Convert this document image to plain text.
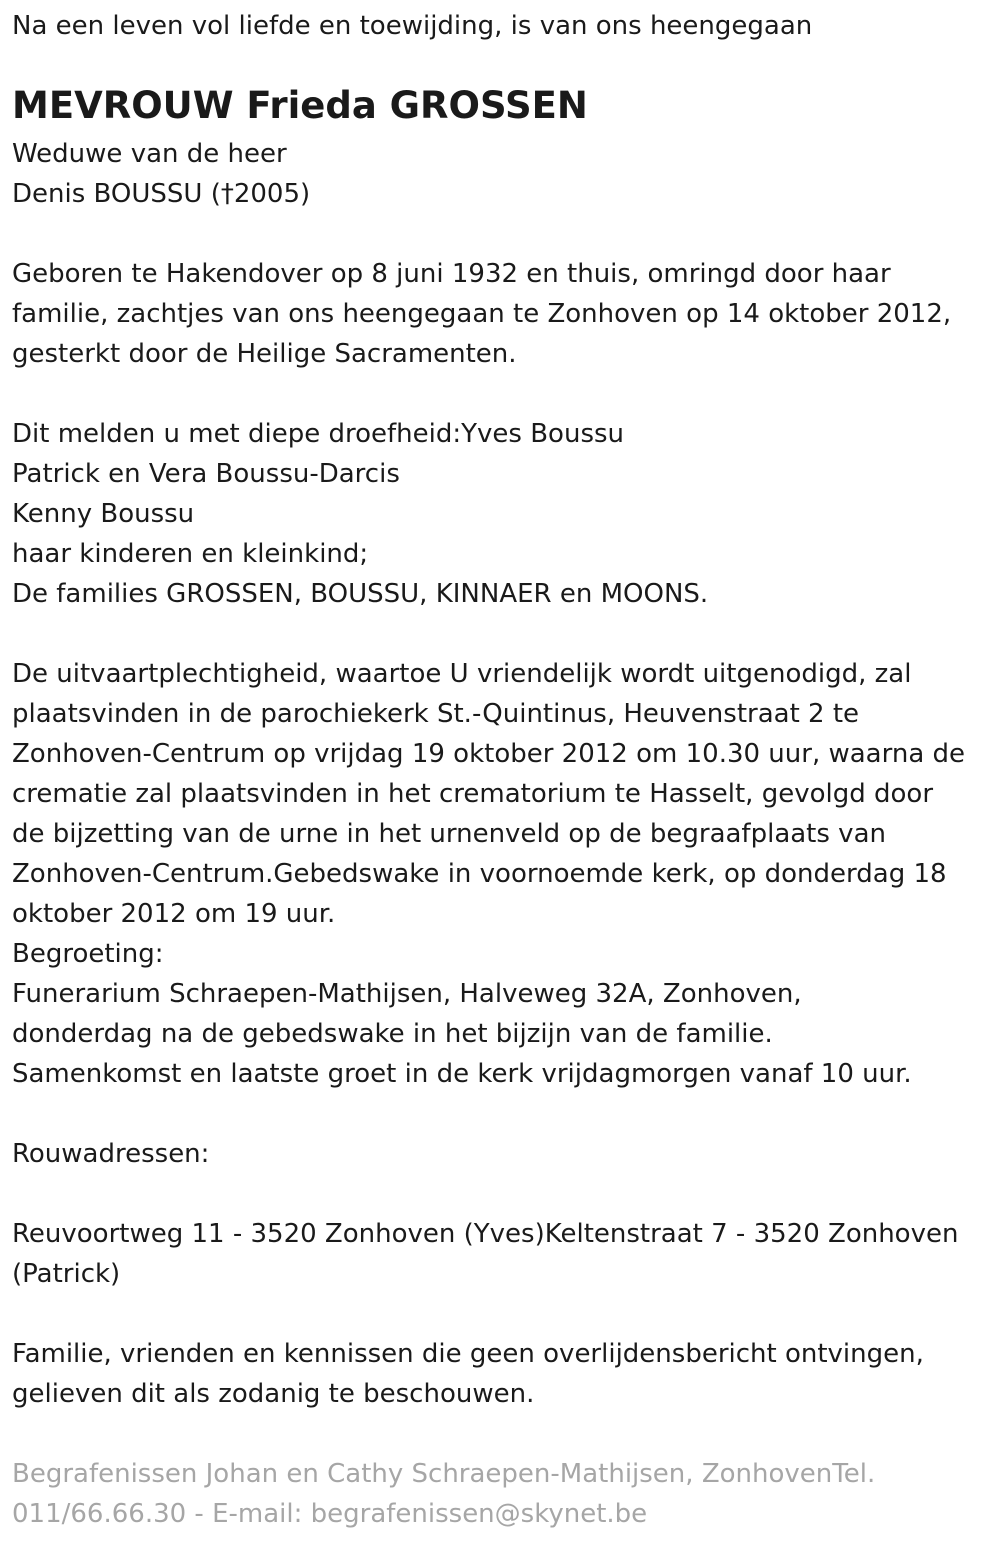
Na een leven vol liefde en toewijding, is van ons heengegaan

MEVROUW Frieda GROSSEN

Weduwe van de heer

Denis BOUSSU (†2005)

Geboren te Hakendover op 8 juni 1932 en thuis, omringd door haar

familie, zachtjes van ons heengegaan te Zonhoven op 14 oktober 2012,

gesterkt door de Heilige Sacramenten.

Dit melden u met diepe droefheid:Yves Boussu

Patrick en Vera Boussu-Darcis

Kenny Boussu

haar kinderen en kleinkind;

De families GROSSEN, BOUSSU, KINNAER en MOONS.

De uitvaartplechtigheid, waartoe U vriendelijk wordt uitgenodigd, zal

plaatsvinden in de parochiekerk St.-Quintinus, Heuvenstraat 2 te

Zonhoven-Centrum op vrijdag 19 oktober 2012 om 10.30 uur, waarna de

crematie zal plaatsvinden in het crematorium te Hasselt, gevolgd door

de bijzetting van de urne in het urnenveld op de begraafplaats van

Zonhoven-Centrum.Gebedswake in voornoemde kerk, op donderdag 18

oktober 2012 om 19 uur.

Begroeting:

Funerarium Schraepen-Mathijsen, Halveweg 32A, Zonhoven,

donderdag na de gebedswake in het bijzijn van de familie.

Samenkomst en laatste groet in de kerk vrijdagmorgen vanaf 10 uur.

Rouwadressen:

Reuvoortweg 11 - 3520 Zonhoven (Yves)Keltenstraat 7 - 3520 Zonhoven

(Patrick)

Familie, vrienden en kennissen die geen overlijdensbericht ontvingen,

gelieven dit als zodanig te beschouwen.

Begrafenissen Johan en Cathy Schraepen-Mathijsen, ZonhovenTel.

011/66.66.30 - E-mail: begrafenissen@skynet.be
